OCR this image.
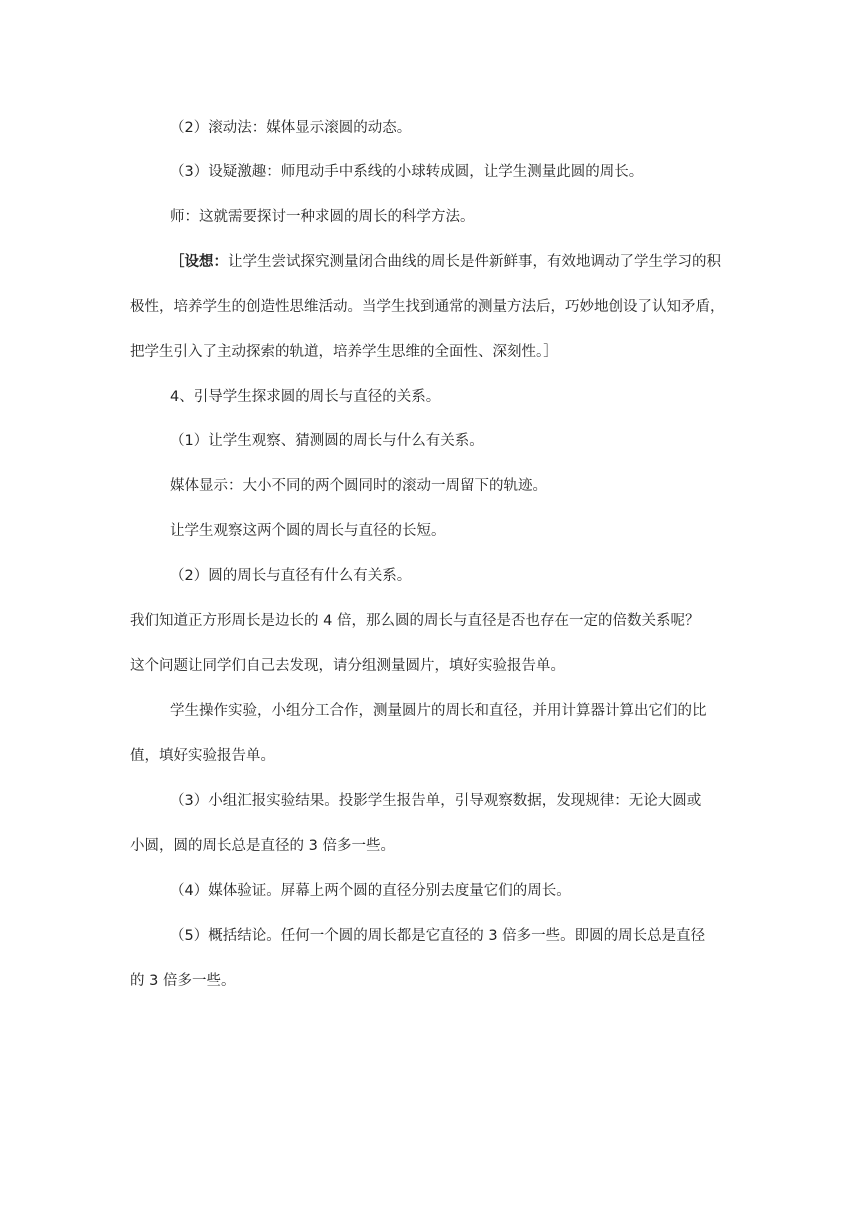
（2）滚动法：媒体显示滚圆的动态。
（3）设疑激趣：师甩动手中系线的小球转成圆，让学生测量此圆的周长。
师：这就需要探讨一种求圆的周长的科学方法。
［设想：让学生尝试探究测量闭合曲线的周长是件新鲜事，有效地调动了学生学习的积
极性，培养学生的创造性思维活动。当学生找到通常的测量方法后，巧妙地创设了认知矛盾，
把学生引入了主动探索的轨道，培养学生思维的全面性、深刻性。］
4、引导学生探求圆的周长与直径的关系。
（1）让学生观察、猜测圆的周长与什么有关系。
媒体显示：大小不同的两个圆同时的滚动一周留下的轨迹。
让学生观察这两个圆的周长与直径的长短。
（2）圆的周长与直径有什么有关系。
我们知道正方形周长是边长的 4 倍，那么圆的周长与直径是否也存在一定的倍数关系呢？
这个问题让同学们自己去发现，请分组测量圆片，填好实验报告单。
学生操作实验，小组分工合作，测量圆片的周长和直径，并用计算器计算出它们的比
值，填好实验报告单。
（3）小组汇报实验结果。投影学生报告单，引导观察数据，发现规律：无论大圆或
小圆，圆的周长总是直径的 3 倍多一些。
（4）媒体验证。屏幕上两个圆的直径分别去度量它们的周长。
（5）概括结论。任何一个圆的周长都是它直径的 3 倍多一些。即圆的周长总是直径
的 3 倍多一些。
